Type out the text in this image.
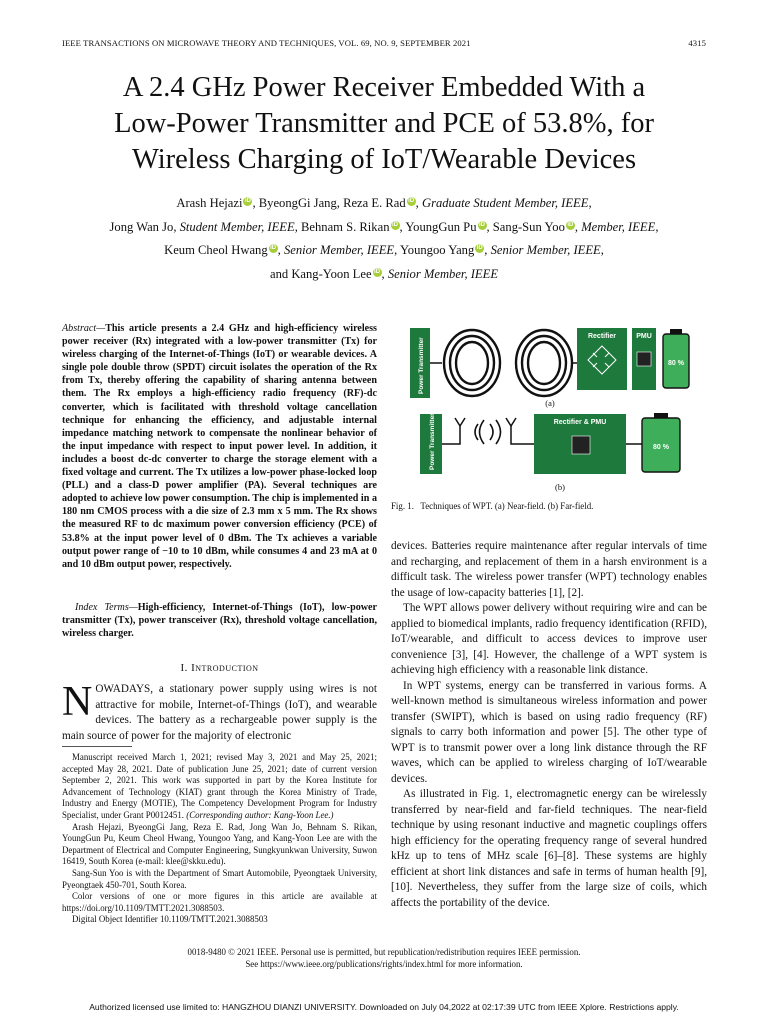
IEEE TRANSACTIONS ON MICROWAVE THEORY AND TECHNIQUES, VOL. 69, NO. 9, SEPTEMBER 2021	4315
A 2.4 GHz Power Receiver Embedded With a
Low-Power Transmitter and PCE of 53.8%, for
Wireless Charging of IoT/Wearable Devices
Arash Hejazi iD , ByeongGi Jang, Reza E. Rad iD , Graduate Student Member, IEEE,
Jong Wan Jo, Student Member, IEEE, Behnam S. Rikan iD , YoungGun Pu iD , Sang-Sun Yoo iD , Member, IEEE,
Keum Cheol Hwang iD , Senior Member, IEEE, Youngoo Yang iD , Senior Member, IEEE,
and Kang-Yoon Lee iD , Senior Member, IEEE
Abstract—This article presents a 2.4 GHz and high-efficiency wireless power receiver (Rx) integrated with a low-power transmitter (Tx) for wireless charging of the Internet-of-Things (IoT) or wearable devices. A single pole double throw (SPDT) circuit isolates the operation of the Rx from Tx, thereby offering the capability of sharing antenna between them. The Rx employs a high-efficiency radio frequency (RF)-dc converter, which is facilitated with threshold voltage cancellation technique for enhancing the efficiency, and adjustable internal impedance matching network to compensate the nonlinear behavior of the input impedance with respect to input power level. In addition, it includes a boost dc-dc converter to charge the storage element with a fixed voltage and current. The Tx utilizes a low-power phase-locked loop (PLL) and a class-D power amplifier (PA). Several techniques are adopted to achieve low power consumption. The chip is implemented in a 180 nm CMOS process with a die size of 2.3 mm x 5 mm. The Rx shows the measured RF to dc maximum power conversion efficiency (PCE) of 53.8% at the input power level of 0 dBm. The Tx achieves a variable output power range of −10 to 10 dBm, while consumes 4 and 23 mA at 0 and 10 dBm output power, respectively.
Index Terms—High-efficiency, Internet-of-Things (IoT), low-power transmitter (Tx), power transceiver (Rx), threshold voltage cancellation, wireless charger.
I. Introduction
NOWADAYS, a stationary power supply using wires is not attractive for mobile, Internet-of-Things (IoT), and wearable devices. The battery as a rechargeable power supply is the main source of power for the majority of electronic

Manuscript received March 1, 2021; revised May 3, 2021 and May 25, 2021; accepted May 28, 2021. Date of publication June 25, 2021; date of current version September 2, 2021. This work was supported in part by the Korea Institute for Advancement of Technology (KIAT) grant through the Korea Ministry of Trade, Industry and Energy (MOTIE), The Competency Development Program for Industry Specialist, under Grant P0012451. (Corresponding author: Kang-Yoon Lee.)

Arash Hejazi, ByeongGi Jang, Reza E. Rad, Jong Wan Jo, Behnam S. Rikan, YoungGun Pu, Keum Cheol Hwang, Youngoo Yang, and Kang-Yoon Lee are with the Department of Electrical and Computer Engineering, Sungkyunkwan University, Suwon 16419, South Korea (e-mail: klee@skku.edu).

Sang-Sun Yoo is with the Department of Smart Automobile, Pyeongtaek University, Pyeongtaek 450-701, South Korea.

Color versions of one or more figures in this article are available at https://doi.org/10.1109/TMTT.2021.3088503.

Digital Object Identifier 10.1109/TMTT.2021.3088503

Power Transmitter
Rectifier	PMU
80 %
(a)
Power Transmitter	Rectifier & PMU
80 %
(b)
Fig. 1.   Techniques of WPT. (a) Near-field. (b) Far-field.

devices. Batteries require maintenance after regular intervals of time and recharging, and replacement of them in a harsh environment is a difficult task. The wireless power transfer (WPT) technology enables the usage of low-capacity batteries [1], [2].

The WPT allows power delivery without requiring wire and can be applied to biomedical implants, radio frequency identification (RFID), IoT/wearable, and difficult to access devices to improve user convenience [3], [4]. However, the challenge of a WPT system is achieving high efficiency with a reasonable link distance.

In WPT systems, energy can be transferred in various forms. A well-known method is simultaneous wireless information and power transfer (SWIPT), which is based on using radio frequency (RF) signals to carry both information and power [5]. The other type of WPT is to transmit power over a long link distance through the RF waves, which can be applied to wireless charging of IoT/wearable devices.

As illustrated in Fig. 1, electromagnetic energy can be wirelessly transferred by near-field and far-field techniques. The near-field technique by using resonant inductive and magnetic couplings offers high efficiency for the operating frequency range of several hundred kHz up to tens of MHz scale [6]–[8]. These systems are highly efficient at short link distances and safe in terms of human health [9], [10]. Nevertheless, they suffer from the large size of coils, which affects the portability of the device.

0018-9480 © 2021 IEEE. Personal use is permitted, but republication/redistribution requires IEEE permission.
See https://www.ieee.org/publications/rights/index.html for more information.
Authorized licensed use limited to: HANGZHOU DIANZI UNIVERSITY. Downloaded on July 04,2022 at 02:17:39 UTC from IEEE Xplore. Restrictions apply.
